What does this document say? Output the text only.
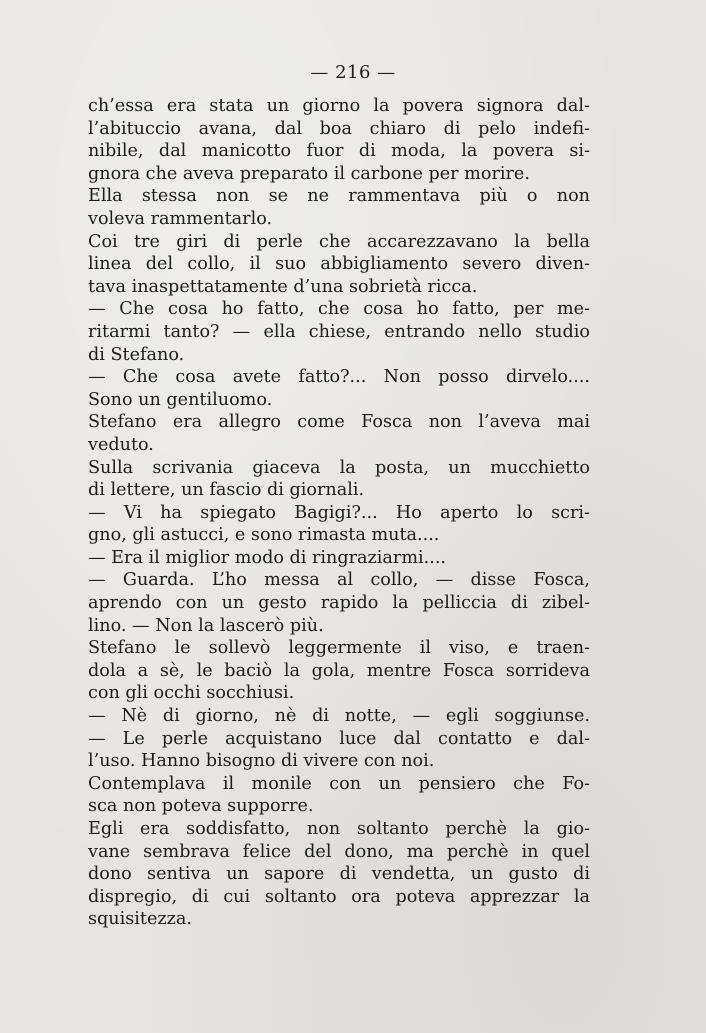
— 216 —
ch’essa era stata un giorno la povera signora dal-
l’abituccio avana, dal boa chiaro di pelo indefi-
nibile, dal manicotto fuor di moda, la povera si-
gnora che aveva preparato il carbone per morire.
Ella stessa non se ne rammentava più o non
voleva rammentarlo.
Coi tre giri di perle che accarezzavano la bella
linea del collo, il suo abbigliamento severo diven-
tava inaspettatamente d’una sobrietà ricca.
— Che cosa ho fatto, che cosa ho fatto, per me-
ritarmi tanto? — ella chiese, entrando nello studio
di Stefano.
— Che cosa avete fatto?... Non posso dirvelo....
Sono un gentiluomo.
Stefano era allegro come Fosca non l’aveva mai
veduto.
Sulla scrivania giaceva la posta, un mucchietto
di lettere, un fascio di giornali.
— Vi ha spiegato Bagigi?... Ho aperto lo scri-
gno, gli astucci, e sono rimasta muta....
— Era il miglior modo di ringraziarmi....
— Guarda. L’ho messa al collo, — disse Fosca,
aprendo con un gesto rapido la pelliccia di zibel-
lino. — Non la lascerò più.
Stefano le sollevò leggermente il viso, e traen-
dola a sè, le baciò la gola, mentre Fosca sorrideva
con gli occhi socchiusi.
— Nè di giorno, nè di notte, — egli soggiunse.
— Le perle acquistano luce dal contatto e dal-
l’uso. Hanno bisogno di vivere con noi.
Contemplava il monile con un pensiero che Fo-
sca non poteva supporre.
Egli era soddisfatto, non soltanto perchè la gio-
vane sembrava felice del dono, ma perchè in quel
dono sentiva un sapore di vendetta, un gusto di
dispregio, di cui soltanto ora poteva apprezzar la
squisitezza.
